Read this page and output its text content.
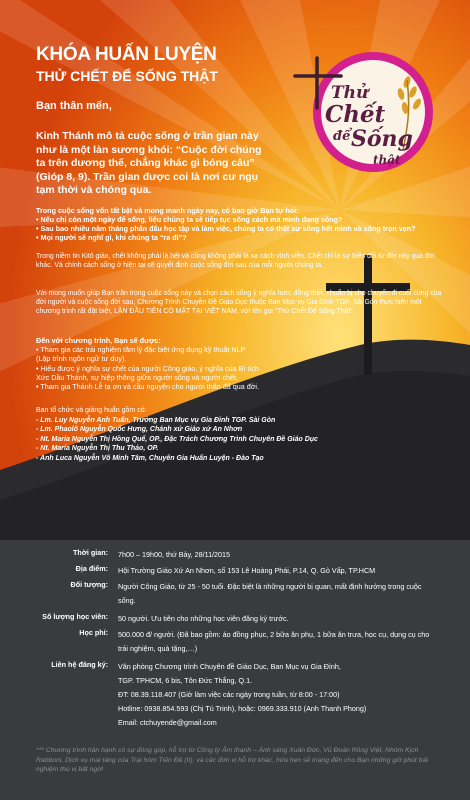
KHÓA HUẤN LUYỆN
THỬ CHẾT ĐỂ SỐNG THẬT
Thử
Chết
để Sống
thật
Bạn thân mến,
Kinh Thánh mô tả cuộc sống ở trần gian này như là một làn sương khói: “Cuộc đời chúng ta trên dương thế, chẳng khác gì bóng câu” (Gióp 8, 9). Trần gian được coi là nơi cư ngụ tạm thời và chóng qua.
Trong cuộc sống vốn tất bật và mong manh ngày nay, có bao giờ Bạn tự hỏi:
• Nếu chỉ còn một ngày để sống, liệu chúng ta sẽ tiếp tục sống cách mà mình đang sống?
• Sau bao nhiêu năm tháng phấn đấu học tập và làm việc, chúng ta có thật sự sống hết mình và sống trọn vẹn?
• Mọi người sẽ nghĩ gì, khi chúng ta “ra đi”?
Trong niềm tin Kitô giáo, chết không phải là hết và cũng không phải là xa cách vĩnh viễn. Chết chỉ là sự biến đổi từ đời này qua đời khác. Và chính cách sống ở hiện tại sẽ quyết định cuộc sống đời sau của mỗi người chúng ta.
Với mong muốn giúp Bạn trân trọng cuộc sống này và chọn cách sống ý nghĩa hơn; đồng thời, chuẩn bị cho chuyến đi cuối cùng của đời người và cuộc sống đời sau, Chương Trình Chuyên Đề Giáo Dục thuộc Ban Mục vụ Gia Đình TGP. Sài Gòn thực hiện một chương trình rất đặt biệt, LẦN ĐẦU TIÊN CÓ MẶT TẠI VIỆT NAM, với tên gọi “Thử Chết Để Sống Thật”.
Đến với chương trình, Bạn sẽ được:
• Tham gia các trải nghiệm tâm lý đặc biệt ứng dụng kỹ thuật NLP
(Lập trình ngôn ngữ tư duy).
• Hiểu được ý nghĩa sự chết của người Công giáo, ý nghĩa của Bí tích
Xức Dầu Thánh, sự hiệp thông giữa người sống và người chết.
• Tham gia Thánh Lễ tạ ơn và cầu nguyện cho người thân đã qua đời.
Ban tổ chức và giảng huấn gồm có:
- Lm. Luy Nguyễn Anh Tuấn, Trưởng Ban Mục vụ Gia Đình TGP. Sài Gòn
- Lm. Phaolô Nguyễn Quốc Hưng, Chánh xứ Giáo xứ An Nhơn
- Nt. Maria Nguyễn Thị Hồng Quế, OP., Đặc Trách Chương Trình Chuyên Đề Giáo Dục
- Nt. Maria Nguyễn Thị Thu Thảo, OP.
- Anh Luca Nguyễn Võ Minh Tâm, Chuyên Gia Huấn Luyện - Đào Tạo
Thời gian: 7h00 – 19h00, thứ Bảy, 28/11/2015
Địa điểm: Hội Trường Giáo Xứ An Nhơn, số 153 Lê Hoàng Phái, P.14, Q. Gò Vấp, TP.HCM
Đối tượng: Người Công Giáo, từ 25 - 50 tuổi. Đặc biệt là những người bị quan, mất định hướng trong cuộc sống.
Số lượng học viên: 50 người. Ưu tiên cho những học viên đăng ký trước.
Học phí: 500.000 đ/ người. (Đã bao gồm: áo đồng phục, 2 bữa ăn phụ, 1 bữa ăn trưa, học cụ, dụng cụ cho trải nghiệm, quà tặng,…)
Liên hệ đăng ký: Văn phòng Chương trình Chuyên đề Giáo Dục, Ban Mục vụ Gia Đình,
TGP. TPHCM, 6 bis, Tôn Đức Thắng, Q.1.
ĐT: 08.39.118.407 (Giờ làm việc các ngày trong tuần, từ 8:00 - 17:00)
Hotline: 0938.854.593 (Chị Tú Trinh), hoặc: 0969.333.910 (Anh Thanh Phong)
Email: ctchuyende@gmail.com
*** Chương trình hân hạnh có sự đóng góp, hỗ trợ từ Công ty Âm thanh – Ánh sáng Xuân Đức, Vũ Đoàn Rồng Việt, Nhóm Kịch Rabboni, Dịch vụ mai táng của Trại hòm Tiến Đề (II), và các đơn vị hỗ trợ khác, hứa hẹn sẽ mang đến cho Bạn những giờ phút trải nghiệm thú vị bất ngờ!
